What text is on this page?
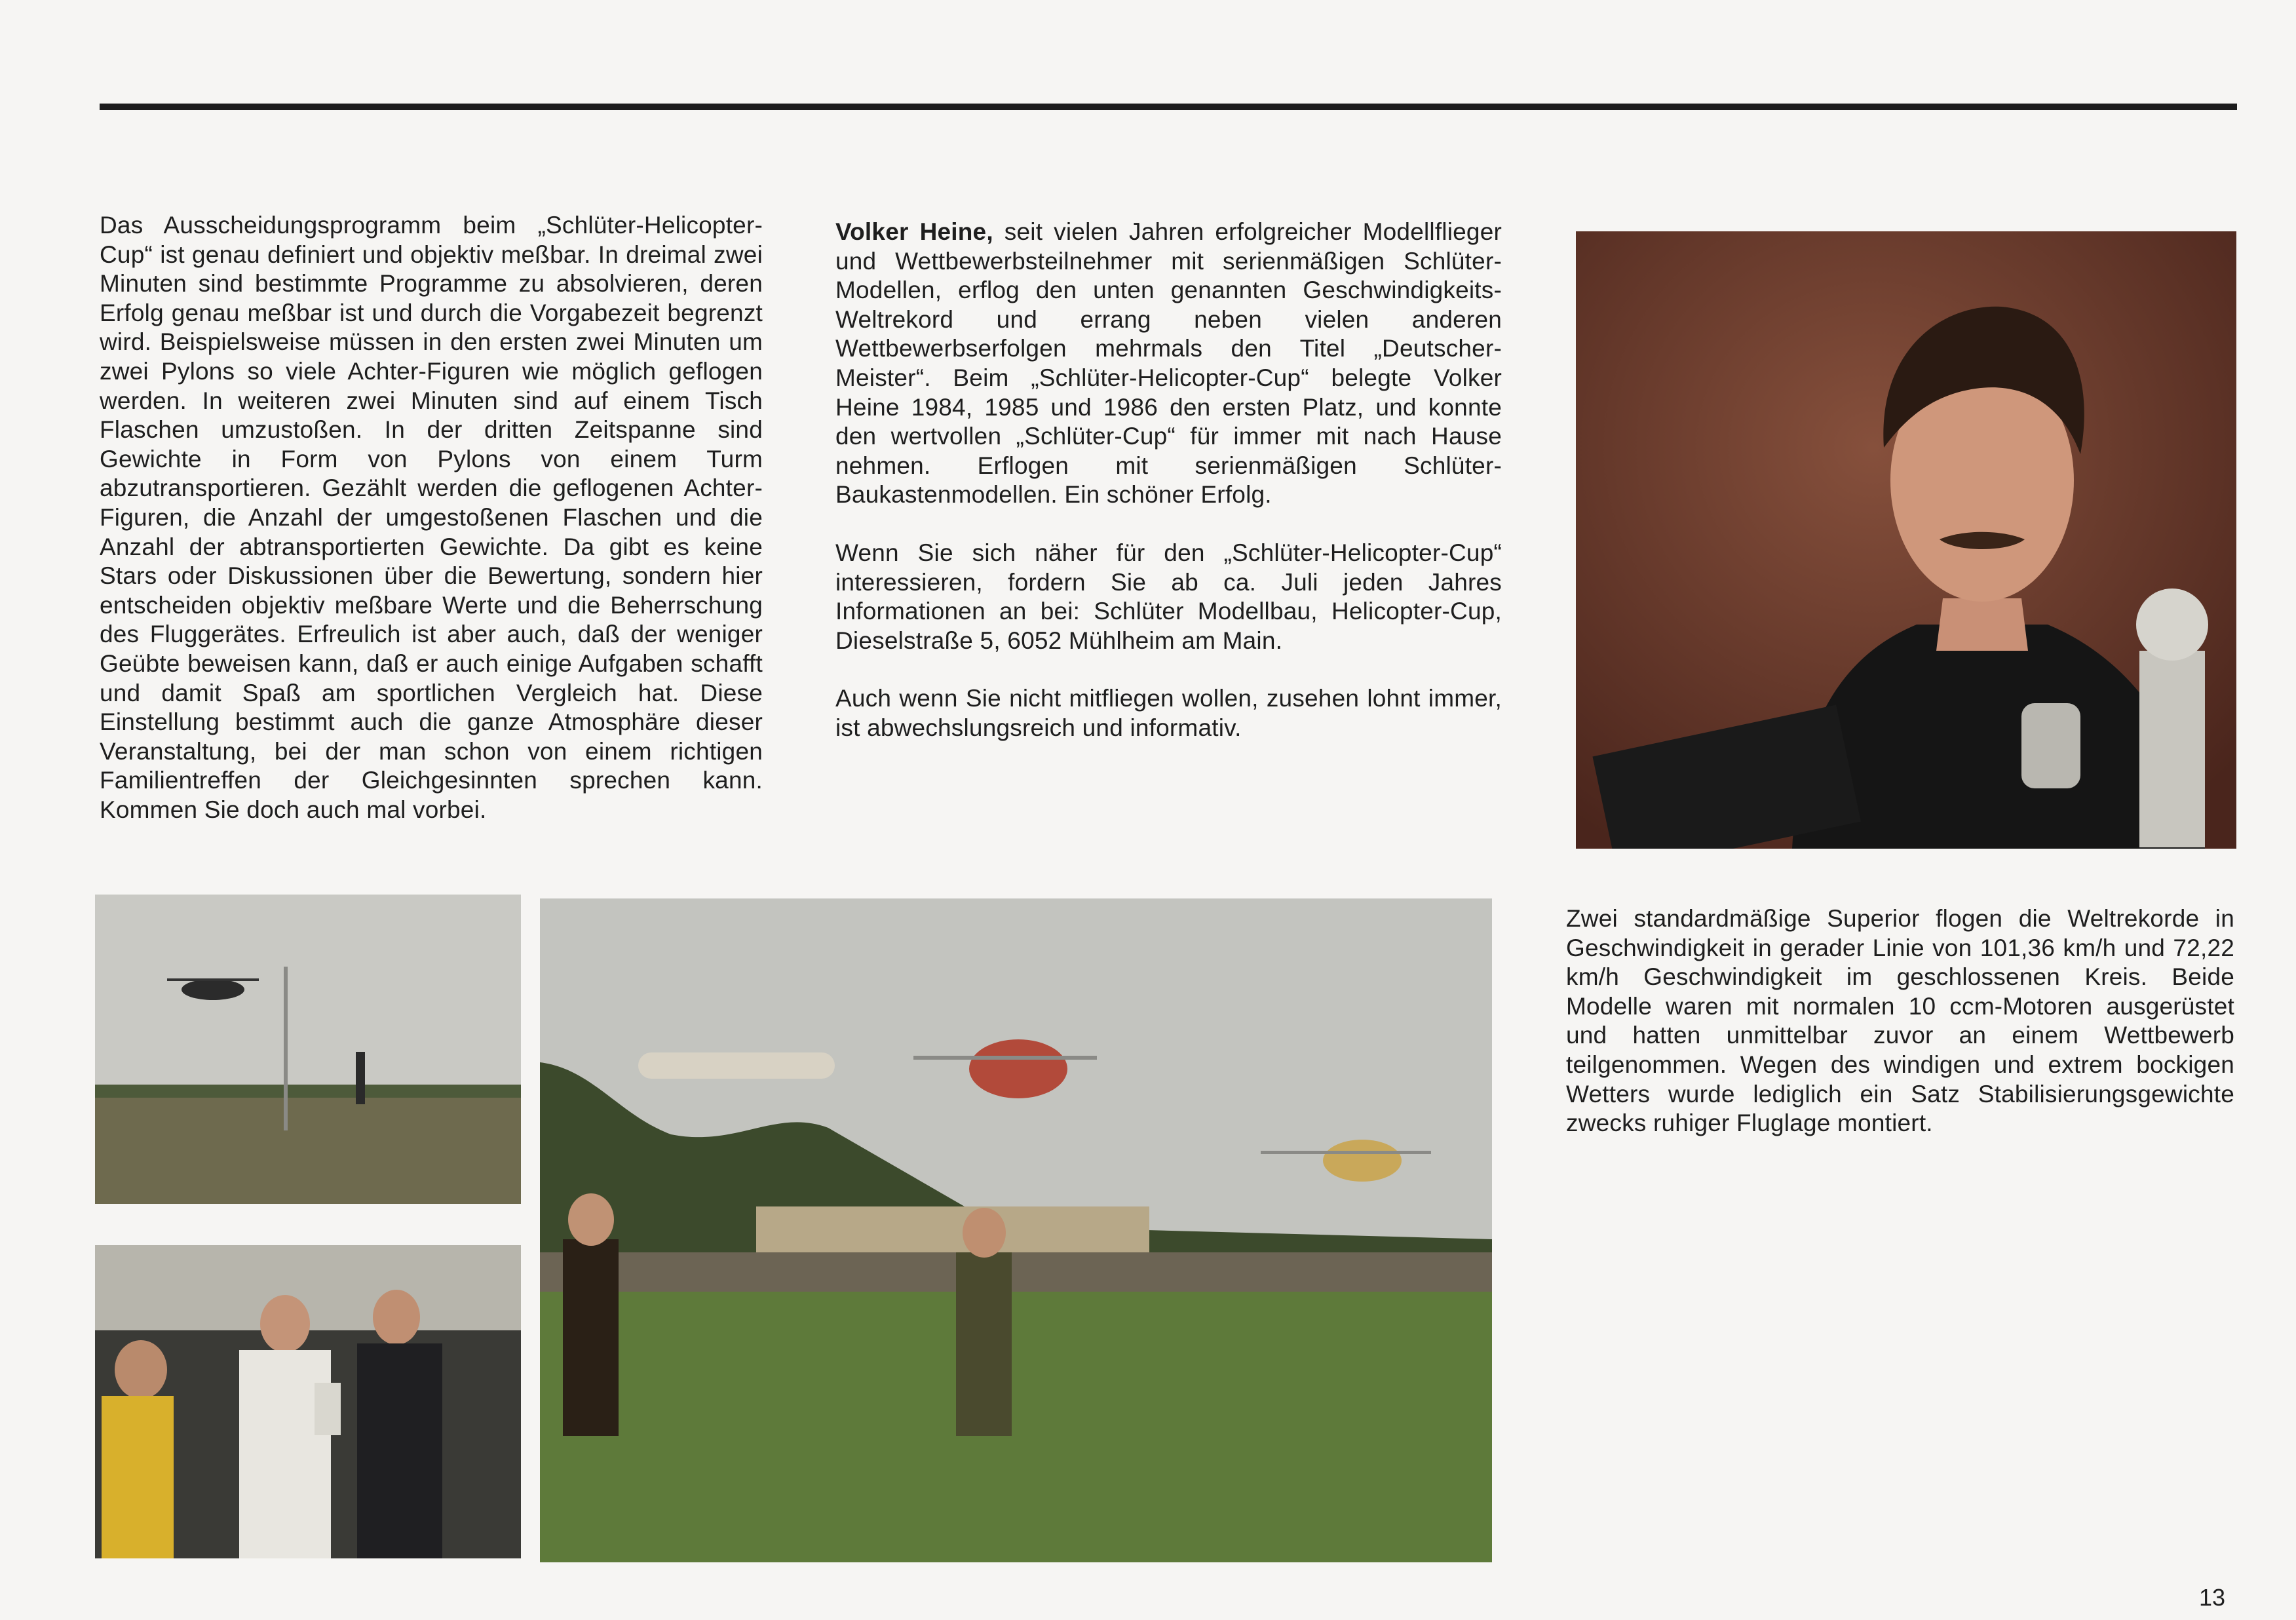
Das Ausscheidungsprogramm beim „Schlüter-Helicopter-Cup“ ist genau definiert und objektiv meßbar. In dreimal zwei Minuten sind bestimmte Programme zu absolvieren, deren Erfolg genau meßbar ist und durch die Vorgabezeit begrenzt wird. Beispielsweise müssen in den ersten zwei Minuten um zwei Pylons so viele Achter-Figuren wie möglich geflogen werden. In weiteren zwei Minuten sind auf einem Tisch Flaschen umzustoßen. In der dritten Zeitspanne sind Gewichte in Form von Pylons von einem Turm abzutransportieren. Gezählt werden die geflogenen Achter-Figuren, die Anzahl der umgestoßenen Flaschen und die Anzahl der abtransportierten Gewichte. Da gibt es keine Stars oder Diskussionen über die Bewertung, sondern hier entscheiden objektiv meßbare Werte und die Beherrschung des Fluggerätes. Erfreulich ist aber auch, daß der weniger Geübte beweisen kann, daß er auch einige Aufgaben schafft und damit Spaß am sportlichen Vergleich hat. Diese Einstellung bestimmt auch die ganze Atmosphäre dieser Veranstaltung, bei der man schon von einem richtigen Familientreffen der Gleichgesinnten sprechen kann. Kommen Sie doch auch mal vorbei.

Volker Heine, seit vielen Jahren erfolgreicher Modellflieger und Wettbewerbsteilnehmer mit serienmäßigen Schlüter-Modellen, erflog den unten genannten Geschwindigkeits-Weltrekord und errang neben vielen anderen Wettbewerbserfolgen mehrmals den Titel „Deutscher-Meister“. Beim „Schlüter-Helicopter-Cup“ belegte Volker Heine 1984, 1985 und 1986 den ersten Platz, und konnte den wertvollen „Schlüter-Cup“ für immer mit nach Hause nehmen. Erflogen mit serienmäßigen Schlüter-Baukastenmodellen. Ein schöner Erfolg.

Wenn Sie sich näher für den „Schlüter-Helicopter-Cup“ interessieren, fordern Sie ab ca. Juli jeden Jahres Informationen an bei: Schlüter Modellbau, Helicopter-Cup, Dieselstraße 5, 6052 Mühlheim am Main.

Auch wenn Sie nicht mitfliegen wollen, zusehen lohnt immer, ist abwechslungsreich und informativ.

Zwei standardmäßige Superior flogen die Weltrekorde in Geschwindigkeit in gerader Linie von 101,36 km/h und 72,22 km/h Geschwindigkeit im geschlossenen Kreis. Beide Modelle waren mit normalen 10 ccm-Motoren ausgerüstet und hatten unmittelbar zuvor an einem Wettbewerb teilgenommen. Wegen des windigen und extrem bockigen Wetters wurde lediglich ein Satz Stabilisierungsgewichte zwecks ruhiger Fluglage montiert.

13
